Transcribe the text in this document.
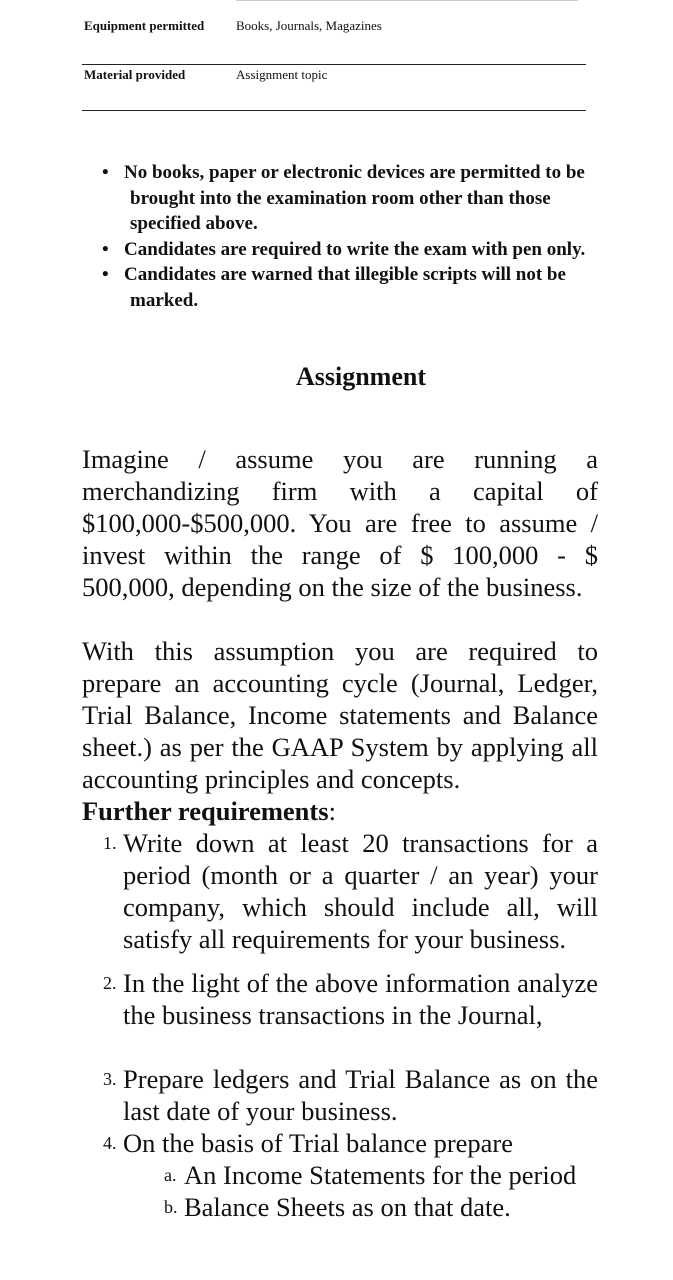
Equipment permitted Books, Journals, Magazines
Material provided	Assignment topic
• No books, paper or electronic devices are permitted to be brought into the examination room other than those specified above.
• Candidates are required to write the exam with pen only.
• Candidates are warned that illegible scripts will not be marked.
Assignment
Imagine / assume you are running a merchandizing firm with a capital of $100,000-$500,000. You are free to assume / invest within the range of $ 100,000 - $ 500,000, depending on the size of the business.
With this assumption you are required to prepare an accounting cycle (Journal, Ledger, Trial Balance, Income statements and Balance sheet.) as per the GAAP System by applying all accounting principles and concepts.
Further requirements:
1. Write down at least 20 transactions for a period (month or a quarter / an year) your company, which should include all, will satisfy all requirements for your business.
2. In the light of the above information analyze the business transactions in the Journal,
3. Prepare ledgers and Trial Balance as on the last date of your business.
4. On the basis of Trial balance prepare
a. An Income Statements for the period
b. Balance Sheets as on that date.
